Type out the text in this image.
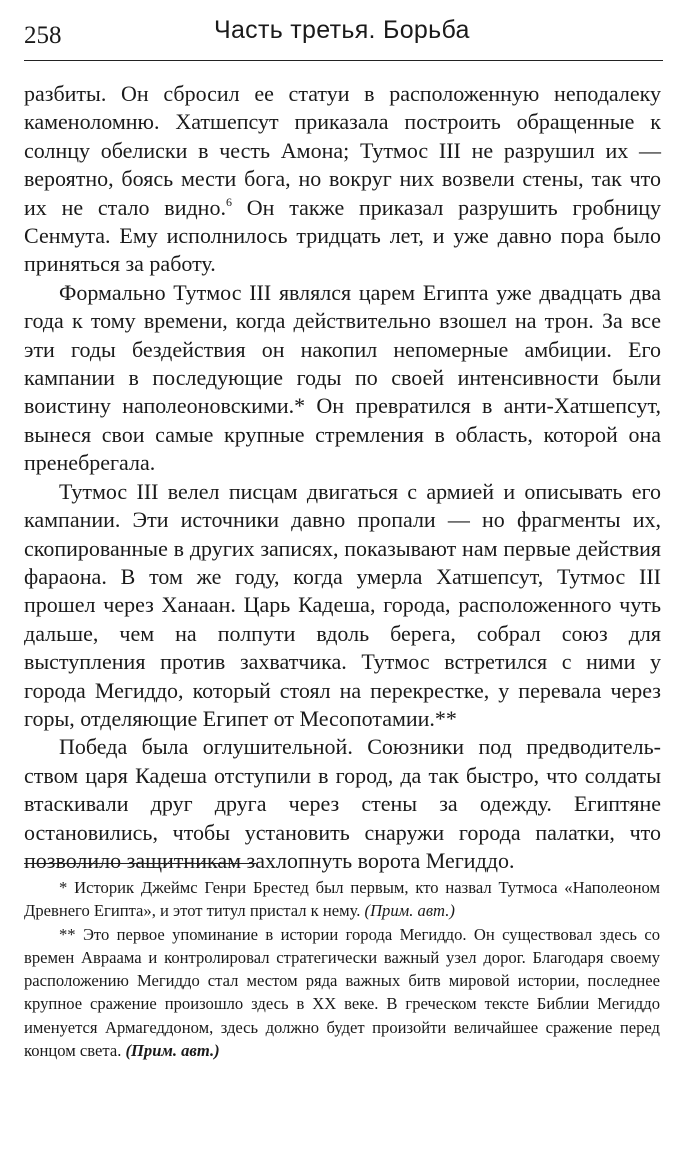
258	Часть третья. Борьба

разбиты. Он сбросил ее статуи в расположенную неподалеку каменоломню. Хатшепсут приказала построить обращенные к солнцу обелиски в честь Амона; Тутмос III не разрушил их — вероятно, боясь мести бога, но вокруг них возвели стены, так что их не стало видно.$^6$ Он также приказал разрушить гробницу Сенмута. Ему исполнилось тридцать лет, и уже давно пора было приняться за работу.

Формально Тутмос III являлся царем Египта уже двадцать два года к тому времени, когда действительно взошел на трон. За все эти годы бездействия он накопил непомерные амбиции. Его кампании в последующие годы по своей интенсивности были воистину наполеоновскими.* Он превратился в анти-Хатшепсут, вынеся свои самые крупные стремления в область, которой она пренебрегала.

Тутмос III велел писцам двигаться с армией и описывать его кампании. Эти источники давно пропали — но фрагменты их, скопированные в других записях, показывают нам первые действия фараона. В том же году, когда умерла Хатшепсут, Тутмос III прошел через Ханаан. Царь Кадеша, города, расположенного чуть дальше, чем на полпути вдоль берега, собрал союз для выступления против захватчика. Тутмос встретился с ними у города Мегиддо, который стоял на перекрестке, у перевала через горы, отделяющие Египет от Месопотамии.**

Победа была оглушительной. Союзники под предводительством царя Кадеша отступили в город, да так быстро, что солдаты втаскивали друг друга через стены за одежду. Египтяне остановились, чтобы установить снаружи города палатки, что позволило защитникам захлопнуть ворота Мегиддо.

* Историк Джеймс Генри Брестед был первым, кто назвал Тутмоса «Наполеоном Древнего Египта», и этот титул пристал к нему. (Прим. авт.)

** Это первое упоминание в истории города Мегиддо. Он существовал здесь со времен Авраама и контролировал стратегически важный узел дорог. Благодаря своему расположению Мегиддо стал местом ряда важных битв мировой истории, последнее крупное сражение произошло здесь в XX веке. В греческом тексте Библии Мегиддо именуется Армагеддоном, здесь должно будет произойти величайшее сражение перед концом света. (Прим. авт.)
